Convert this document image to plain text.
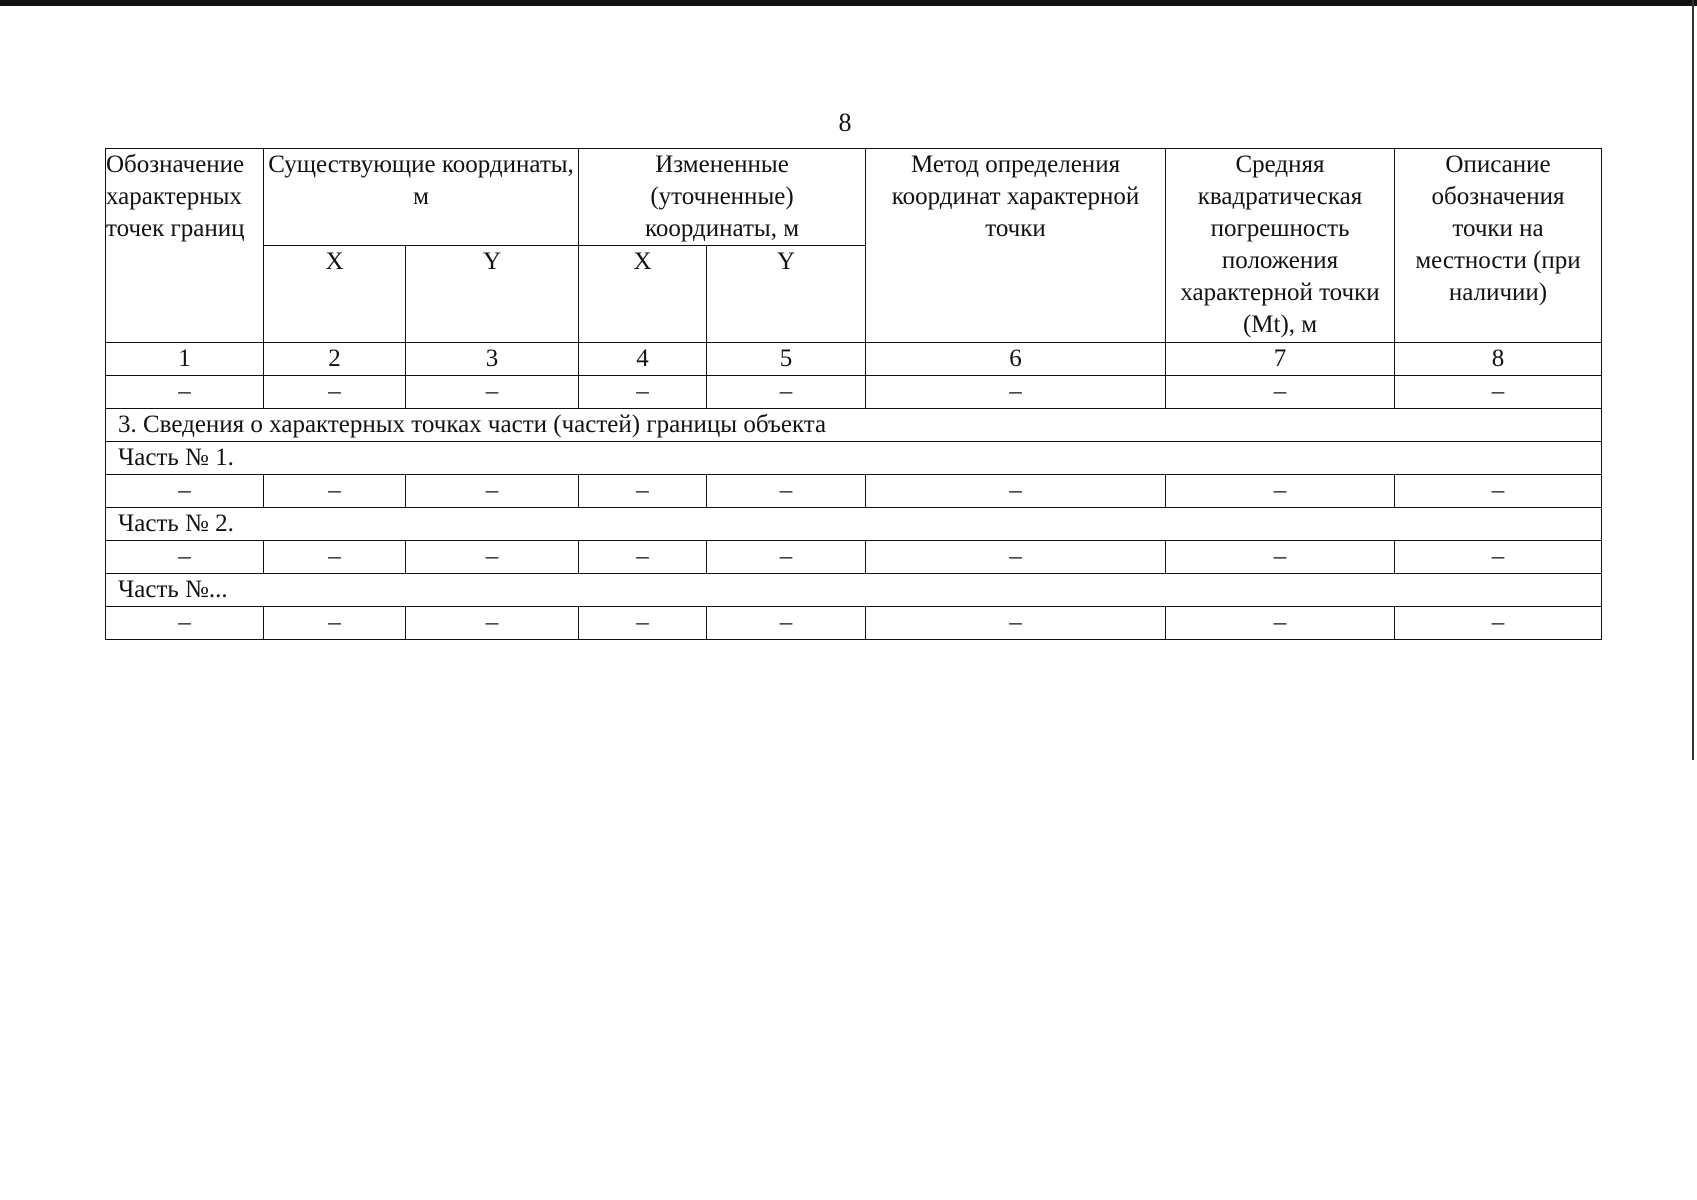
8
Обозначение характерных точек границ	Существующие координаты, м		Измененные (уточненные) координаты, м		Метод определения координат характерной точки	Средняя квадратическая погрешность положения характерной точки (Mt), м	Описание обозначения точки на местности (при наличии)
	X	Y	X	Y			
1	2	3	4	5	6	7	8
–	–	–	–	–	–	–	–
3. Сведения о характерных точках части (частей) границы объекта							
Часть № 1.							
–	–	–	–	–	–	–	–
Часть № 2.							
–	–	–	–	–	–	–	–
Часть №...							
–	–	–	–	–	–	–	–
